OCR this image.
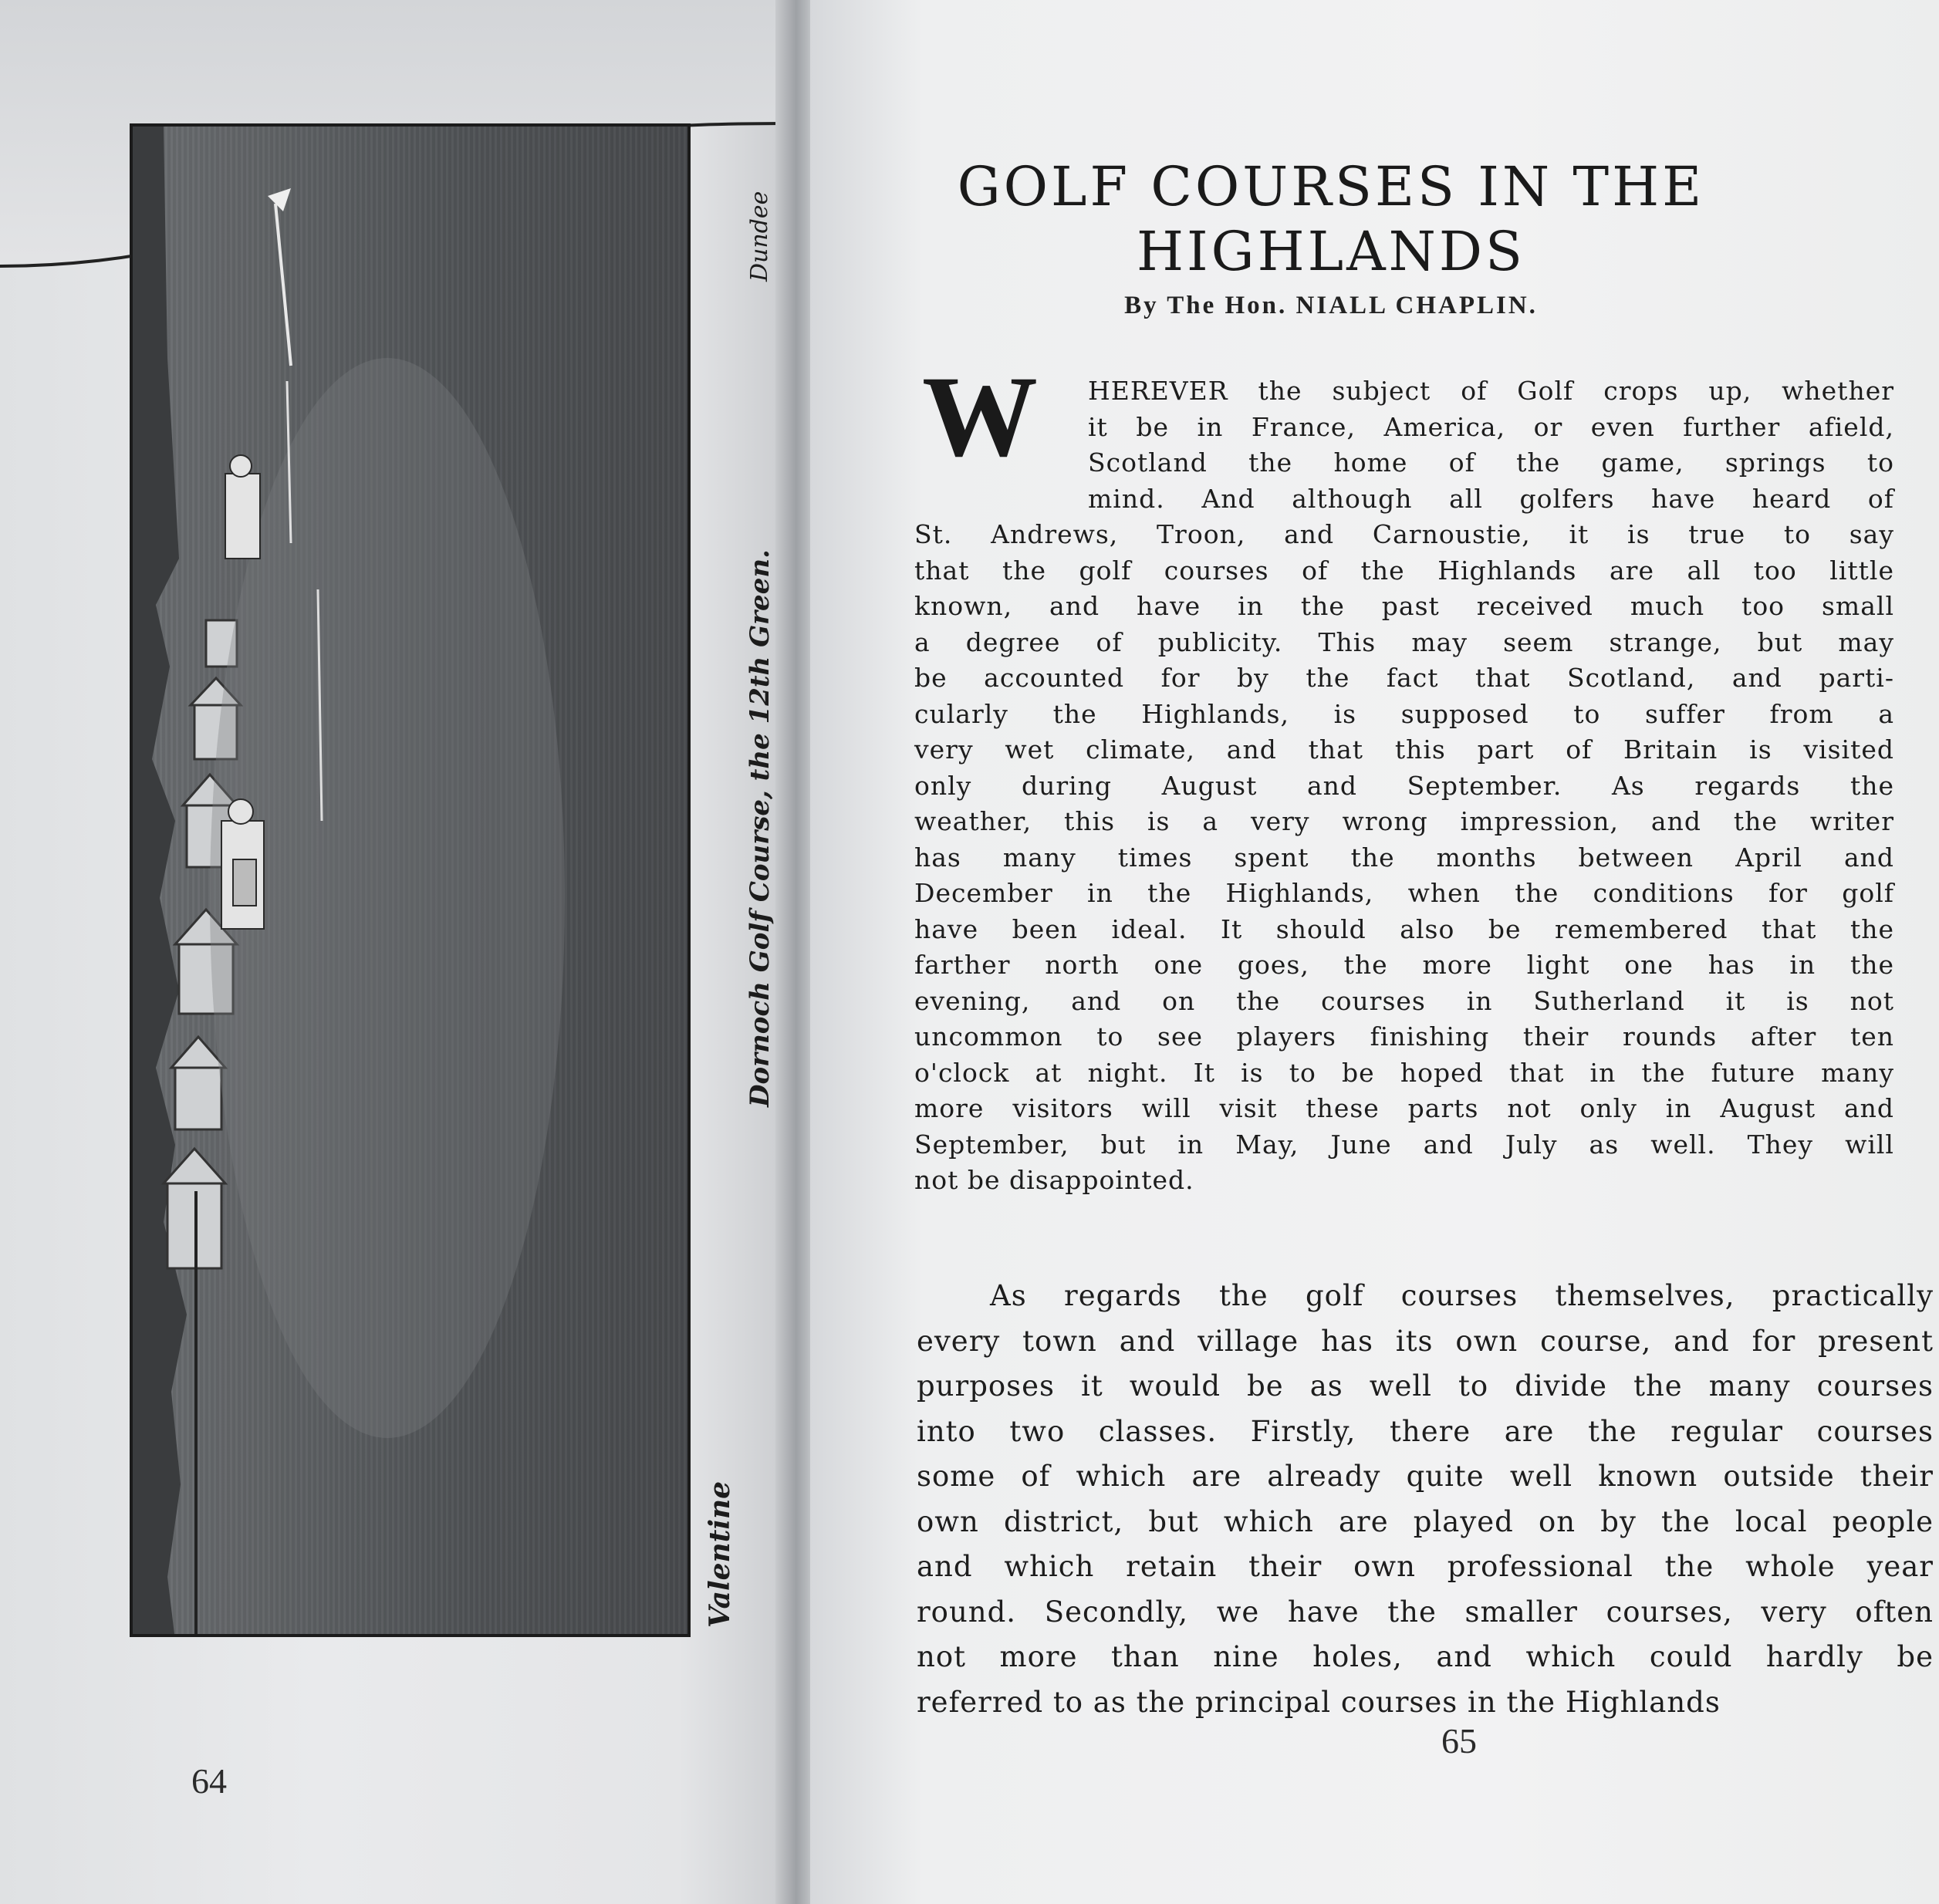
Dundee
Dornoch Golf Course, the 12th Green.
Valentine
64
GOLF COURSES IN THE
HIGHLANDS
By The Hon. NIALL CHAPLIN.
W HEREVER the subject of Golf crops up, whether
it be in France, America, or even further afield,
Scotland the home of the game, springs to
mind. And although all golfers have heard of
St. Andrews, Troon, and Carnoustie, it is true to say
that the golf courses of the Highlands are all too little
known, and have in the past received much too small
a degree of publicity. This may seem strange, but may
be accounted for by the fact that Scotland, and parti-
cularly the Highlands, is supposed to suffer from a
very wet climate, and that this part of Britain is visited
only during August and September. As regards the
weather, this is a very wrong impression, and the writer
has many times spent the months between April and
December in the Highlands, when the conditions for golf
have been ideal. It should also be remembered that the
farther north one goes, the more light one has in the
evening, and on the courses in Sutherland it is not
uncommon to see players finishing their rounds after ten
o'clock at night. It is to be hoped that in the future many
more visitors will visit these parts not only in August and
September, but in May, June and July as well. They will
not be disappointed.
As regards the golf courses themselves, practically
every town and village has its own course, and for present
purposes it would be as well to divide the many courses
into two classes. Firstly, there are the regular courses
some of which are already quite well known outside their
own district, but which are played on by the local people
and which retain their own professional the whole year
round. Secondly, we have the smaller courses, very often
not more than nine holes, and which could hardly be
referred to as the principal courses in the Highlands
65
